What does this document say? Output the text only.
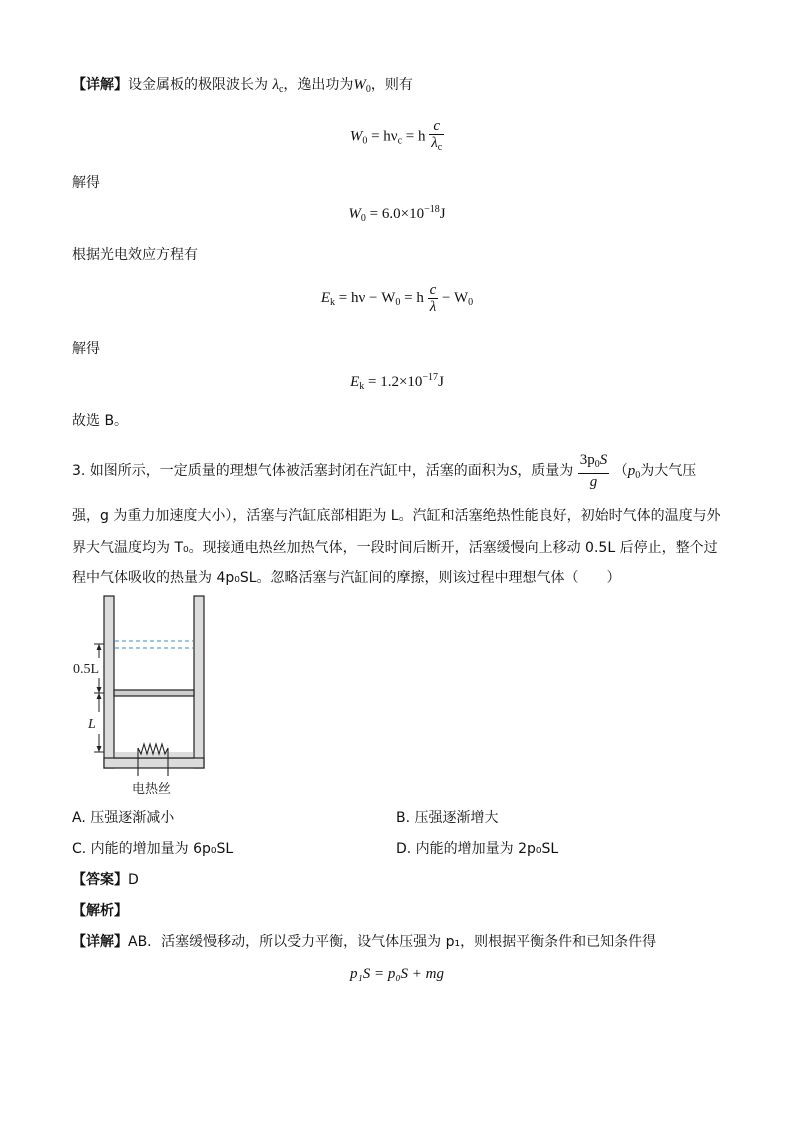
【详解】设金属板的极限波长为 $\lambda_c$，逸出功为$W_0$，则有
$W_0 = h\nu_c = h \frac{c}{\lambda_c}$
解得
$W_0 = 6.0\times 10^{-18}J$
根据光电效应方程有
$E_k = h\nu - W_0 = h \frac{c}{\lambda} - W_0$
解得
$E_k = 1.2\times 10^{-17}J$
故选 B。
3. 如图所示，一定质量的理想气体被活塞封闭在汽缸中，活塞的面积为S，质量为 $\frac{3p_0S}{g} (p_0$为大气压
强，g 为重力加速度大小），活塞与汽缸底部相距为 L。汽缸和活塞绝热性能良好，初始时气体的温度与外
界大气温度均为 T₀。现接通电热丝加热气体，一段时间后断开，活塞缓慢向上移动 0.5L 后停止，整个过
程中气体吸收的热量为 4p₀SL。忽略活塞与汽缸间的摩擦，则该过程中理想气体（　　）
0.5L
L
电热丝
A. 压强逐渐减小	B. 压强逐渐增大
C. 内能的增加量为 6p₀SL	D. 内能的增加量为 2p₀SL
【答案】D
【解析】
【详解】AB．活塞缓慢移动，所以受力平衡，设气体压强为 p₁，则根据平衡条件和已知条件得
p₁S = p₀S + mg
